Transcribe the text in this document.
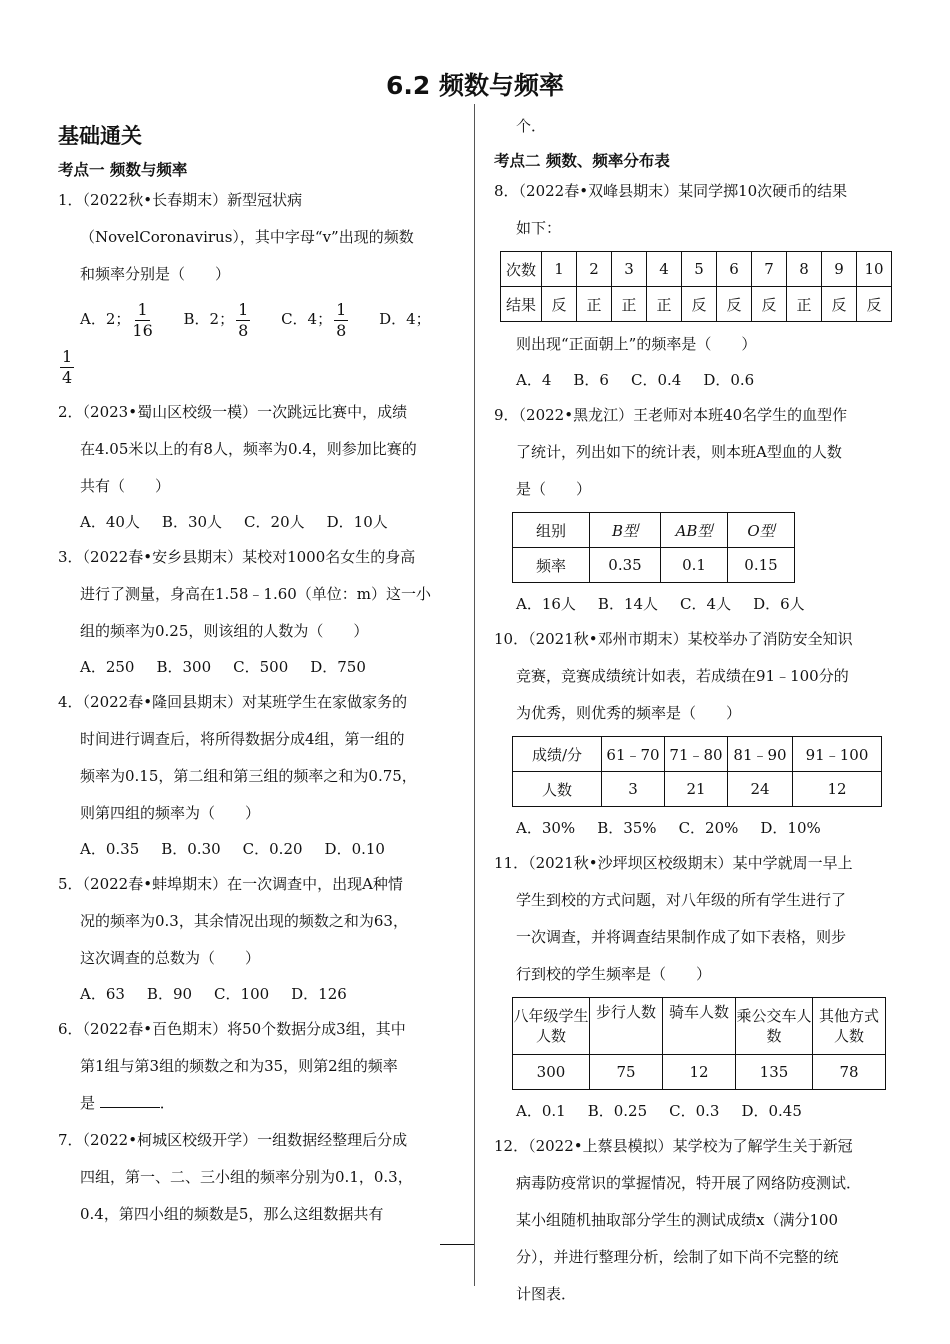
6.2 频数与频率
基础通关
考点一 频数与频率

1．（2022秋•长春期末）新型冠状病

（NovelCoronavirus），其中字母“v”出现的频数

和频率分别是（　　）

A．2； $\frac{1}{16}$ B．2； $\frac{1}{8}$ C．4； $\frac{1}{8}$ D．4；

$\frac{1}{4}$

2．（2023•蜀山区校级一模）一次跳远比赛中，成绩

在4.05米以上的有8人，频率为0.4，则参加比赛的

共有（　　）

A．40人 B．30人 C．20人 D．10人

3．（2022春•安乡县期末）某校对1000名女生的身高

进行了测量，身高在1.58﹣1.60（单位：m）这一小

组的频率为0.25，则该组的人数为（　　）

A．250 B．300 C．500 D．750

4．（2022春•隆回县期末）对某班学生在家做家务的

时间进行调查后，将所得数据分成4组，第一组的

频率为0.15，第二组和第三组的频率之和为0.75，

则第四组的频率为（　　）

A．0.35 B．0.30 C．0.20 D．0.10

5．（2022春•蚌埠期末）在一次调查中，出现A种情

况的频率为0.3，其余情况出现的频数之和为63，

这次调查的总数为（　　）

A．63 B．90 C．100 D．126

6．（2022春•百色期末）将50个数据分成3组，其中

第1组与第3组的频数之和为35，则第2组的频率

是	．

7．（2022•柯城区校级开学）一组数据经整理后分成

四组，第一、二、三小组的频率分别为0.1，0.3，

0.4，第四小组的频数是5，那么这组数据共有

个．

考点二 频数、频率分布表

8．（2022春•双峰县期末）某同学掷10次硬币的结果

如下：

次数	1	2	3	4	5	6	7	8	9	10
结果	反	正	正	正	反	反	反	正	反	反

则出现“正面朝上”的频率是（　　）

A．4 B．6 C．0.4 D．0.6

9．（2022•黑龙江）王老师对本班40名学生的血型作

了统计，列出如下的统计表，则本班A型血的人数

是（　　）

组别	B型	AB型	O型
频率	0.35	0.1	0.15

A．16人 B．14人 C．4人 D．6人

10．（2021秋•邓州市期末）某校举办了消防安全知识

竞赛，竞赛成绩统计如表，若成绩在91﹣100分的

为优秀，则优秀的频率是（　　）

成绩/分	61﹣70	71﹣80	81﹣90	91﹣100
人数	3	21	24	12

A．30% B．35% C．20% D．10%

11．（2021秋•沙坪坝区校级期末）某中学就周一早上

学生到校的方式问题，对八年级的所有学生进行了

一次调查，并将调查结果制作成了如下表格，则步

行到校的学生频率是（　　）

八年级学生人数	步行人数	骑车人数	乘公交车人数	其他方式人数
300	75	12	135	78

A．0.1 B．0.25 C．0.3 D．0.45

12．（2022•上蔡县模拟）某学校为了解学生关于新冠

病毒防疫常识的掌握情况，特开展了网络防疫测试．

某小组随机抽取部分学生的测试成绩x（满分100

分），并进行整理分析，绘制了如下尚不完整的统

计图表．
